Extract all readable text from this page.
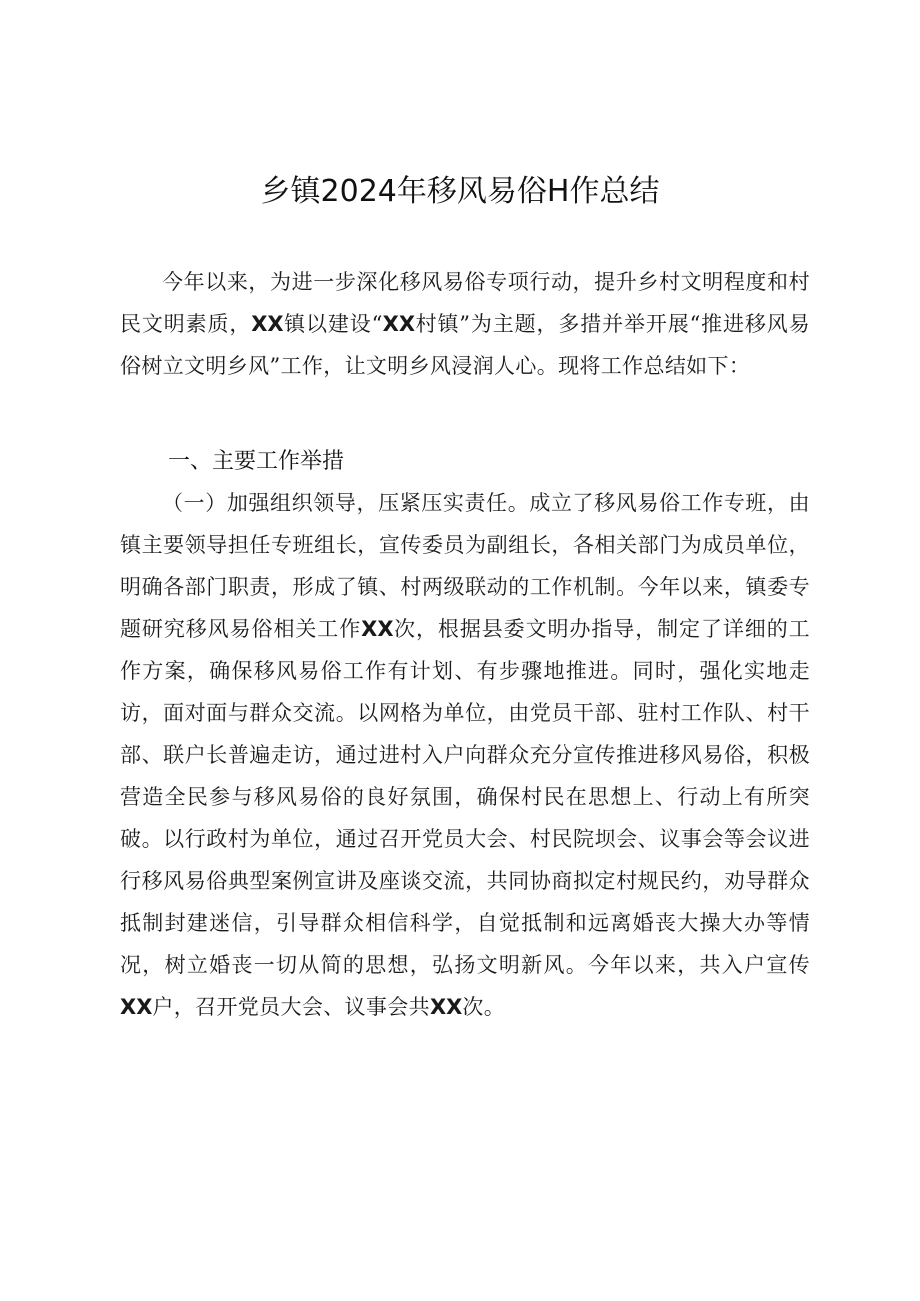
乡镇2024年移风易俗H作总结

今年以来，为进一步深化移风易俗专项行动，提升乡村文明程度和村民文明素质，XX镇以建设“XX村镇”为主题，多措并举开展“推进移风易俗树立文明乡风”工作，让文明乡风浸润人心。现将工作总结如下：

一、主要工作举措

（一）加强组织领导，压紧压实责任。成立了移风易俗工作专班，由镇主要领导担任专班组长，宣传委员为副组长，各相关部门为成员单位，明确各部门职责，形成了镇、村两级联动的工作机制。今年以来，镇委专题研究移风易俗相关工作XX次，根据县委文明办指导，制定了详细的工作方案，确保移风易俗工作有计划、有步骤地推进。同时，强化实地走访，面对面与群众交流。以网格为单位，由党员干部、驻村工作队、村干部、联户长普遍走访，通过进村入户向群众充分宣传推进移风易俗，积极营造全民参与移风易俗的良好氛围，确保村民在思想上、行动上有所突破。以行政村为单位，通过召开党员大会、村民院坝会、议事会等会议进行移风易俗典型案例宣讲及座谈交流，共同协商拟定村规民约，劝导群众抵制封建迷信，引导群众相信科学，自觉抵制和远离婚丧大操大办等情况，树立婚丧一切从简的思想，弘扬文明新风。今年以来，共入户宣传XX户，召开党员大会、议事会共XX次。
